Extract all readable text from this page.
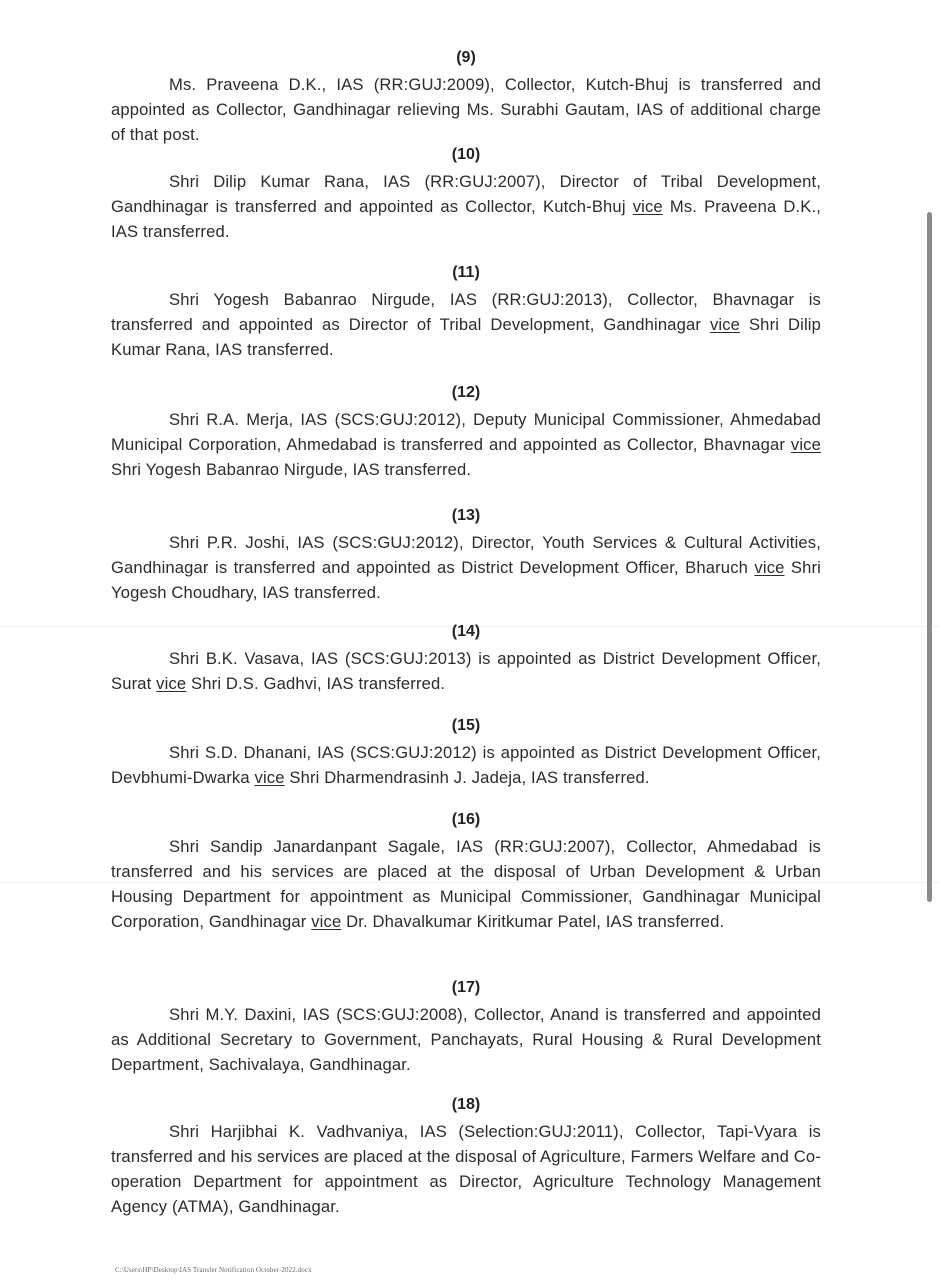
(9)

Ms. Praveena D.K., IAS (RR:GUJ:2009), Collector, Kutch-Bhuj is transferred and appointed as Collector, Gandhinagar relieving Ms. Surabhi Gautam, IAS of additional charge of that post.

(10)

Shri Dilip Kumar Rana, IAS (RR:GUJ:2007), Director of Tribal Development, Gandhinagar is transferred and appointed as Collector, Kutch-Bhuj vice Ms. Praveena D.K., IAS transferred.

(11)

Shri Yogesh Babanrao Nirgude, IAS (RR:GUJ:2013), Collector, Bhavnagar is transferred and appointed as Director of Tribal Development, Gandhinagar vice Shri Dilip Kumar Rana, IAS transferred.

(12)

Shri R.A. Merja, IAS (SCS:GUJ:2012), Deputy Municipal Commissioner, Ahmedabad Municipal Corporation, Ahmedabad is transferred and appointed as Collector, Bhavnagar vice Shri Yogesh Babanrao Nirgude, IAS transferred.

(13)

Shri P.R. Joshi, IAS (SCS:GUJ:2012), Director, Youth Services & Cultural Activities, Gandhinagar is transferred and appointed as District Development Officer, Bharuch vice Shri Yogesh Choudhary, IAS transferred.

(14)

Shri B.K. Vasava, IAS (SCS:GUJ:2013) is appointed as District Development Officer, Surat vice Shri D.S. Gadhvi, IAS transferred.

(15)

Shri S.D. Dhanani, IAS (SCS:GUJ:2012) is appointed as District Development Officer, Devbhumi-Dwarka vice Shri Dharmendrasinh J. Jadeja, IAS transferred.

(16)

Shri Sandip Janardanpant Sagale, IAS (RR:GUJ:2007), Collector, Ahmedabad is transferred and his services are placed at the disposal of Urban Development & Urban Housing Department for appointment as Municipal Commissioner, Gandhinagar Municipal Corporation, Gandhinagar vice Dr. Dhavalkumar Kiritkumar Patel, IAS transferred.

(17)

Shri M.Y. Daxini, IAS (SCS:GUJ:2008), Collector, Anand is transferred and appointed as Additional Secretary to Government, Panchayats, Rural Housing & Rural Development Department, Sachivalaya, Gandhinagar.

(18)

Shri Harjibhai K. Vadhvaniya, IAS (Selection:GUJ:2011), Collector, Tapi-Vyara is transferred and his services are placed at the disposal of Agriculture, Farmers Welfare and Co-operation Department for appointment as Director, Agriculture Technology Management Agency (ATMA), Gandhinagar.

C:\Users\HP\Desktop\IAS Transfer Notification October-2022.docx
